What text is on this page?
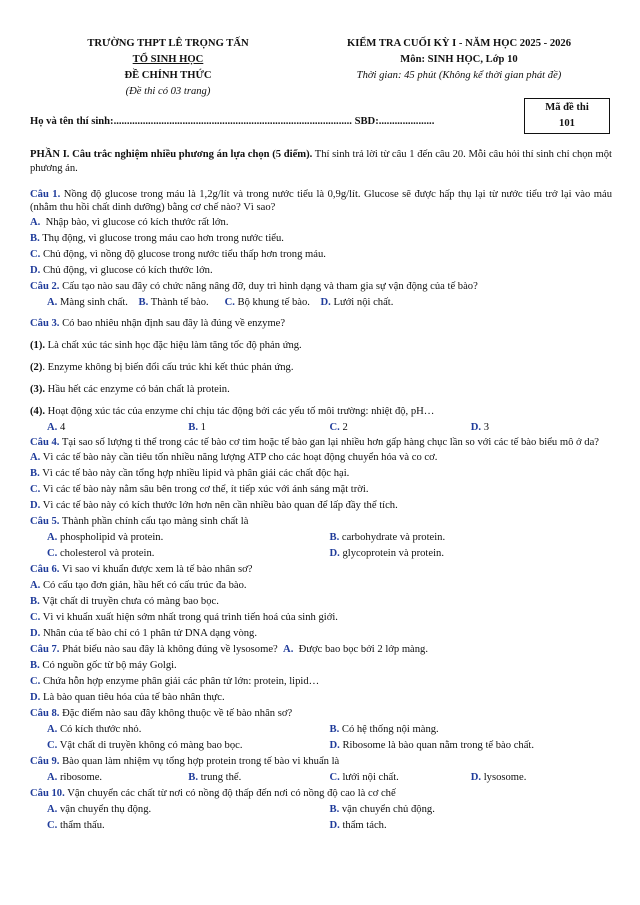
TRƯỜNG THPT LÊ TRỌNG TẤN
TỔ SINH HỌC
ĐỀ CHÍNH THỨC
(Đề thi có 03 trang)
KIỂM TRA CUỐI KỲ I - NĂM HỌC 2025 - 2026
Môn: SINH HỌC, Lớp 10
Thời gian: 45 phút (Không kể thời gian phát đề)
Mã đề thi
101
Họ và tên thí sinh:.......................................................................................... SBD:.....................
PHẦN I. Câu trắc nghiệm nhiều phương án lựa chọn (5 điểm). Thí sinh trả lời từ câu 1 đến câu 20. Mỗi câu hỏi thí sinh chỉ chọn một phương án.
Câu 1. Nồng độ glucose trong máu là 1,2g/lít và trong nước tiểu là 0,9g/lít. Glucose sẽ được hấp thụ lại từ nước tiểu trở lại vào máu (nhằm thu hồi chất dinh dưỡng) bằng cơ chế nào? Vì sao?
A. Nhập bào, vì glucose có kích thước rất lớn.
B. Thụ động, vì glucose trong máu cao hơn trong nước tiểu.
C. Chủ động, vì nồng độ glucose trong nước tiểu thấp hơn trong máu.
D. Chủ động, vì glucose có kích thước lớn.
Câu 2. Cấu tạo nào sau đây có chức năng nâng đỡ, duy trì hình dạng và tham gia sự vận động của tế bào?
A. Màng sinh chất. B. Thành tế bào. C. Bộ khung tế bào. D. Lưới nội chất.
Câu 3. Có bao nhiêu nhận định sau đây là đúng về enzyme?
(1). Là chất xúc tác sinh học đặc hiệu làm tăng tốc độ phản ứng.
(2). Enzyme không bị biến đổi cấu trúc khi kết thúc phản ứng.
(3). Hầu hết các enzyme có bản chất là protein.
(4). Hoạt động xúc tác của enzyme chỉ chịu tác động bởi các yếu tố môi trường: nhiệt độ, pH…
A. 4	B. 1	C. 2	D. 3
Câu 4. Tại sao số lượng ti thể trong các tế bào cơ tim hoặc tế bào gan lại nhiều hơn gấp hàng chục lần so với các tế bào biểu mô ở da?
A. Vì các tế bào này cần tiêu tốn nhiều năng lượng ATP cho các hoạt động chuyển hóa và co cơ.
B. Vì các tế bào này cần tổng hợp nhiều lipid và phân giải các chất độc hại.
C. Vì các tế bào này nằm sâu bên trong cơ thể, ít tiếp xúc với ánh sáng mặt trời.
D. Vì các tế bào này có kích thước lớn hơn nên cần nhiều bào quan để lấp đầy thể tích.
Câu 5. Thành phần chính cấu tạo màng sinh chất là
A. phospholipid và protein.	B. carbohydrate và protein.
C. cholesterol và protein.	D. glycoprotein và protein.
Câu 6. Vì sao vi khuẩn được xem là tế bào nhân sơ?
A. Có cấu tạo đơn giản, hầu hết có cấu trúc đa bào.
B. Vật chất di truyền chưa có màng bao bọc.
C. Vì vi khuẩn xuất hiện sớm nhất trong quá trình tiến hoá của sinh giới.
D. Nhân của tế bào chỉ có 1 phân tử DNA dạng vòng.
Câu 7. Phát biểu nào sau đây là không đúng về lysosome? A. Được bao bọc bởi 2 lớp màng.
B. Có nguồn gốc từ bộ máy Golgi.
C. Chứa hỗn hợp enzyme phân giải các phân tử lớn: protein, lipid…
D. Là bào quan tiêu hóa của tế bào nhân thực.
Câu 8. Đặc điểm nào sau đây không thuộc về tế bào nhân sơ?
A. Có kích thước nhỏ.	B. Có hệ thống nội màng.
C. Vật chất di truyền không có màng bao bọc.	D. Ribosome là bào quan nằm trong tế bào chất.
Câu 9. Bào quan làm nhiệm vụ tổng hợp protein trong tế bào vi khuẩn là
A. ribosome.	B. trung thể.	C. lưới nội chất.	D. lysosome.
Câu 10. Vận chuyển các chất từ nơi có nồng độ thấp đến nơi có nồng độ cao là cơ chế
A. vận chuyển thụ động.	B. vận chuyển chủ động.
C. thẩm thấu.	D. thẩm tách.
